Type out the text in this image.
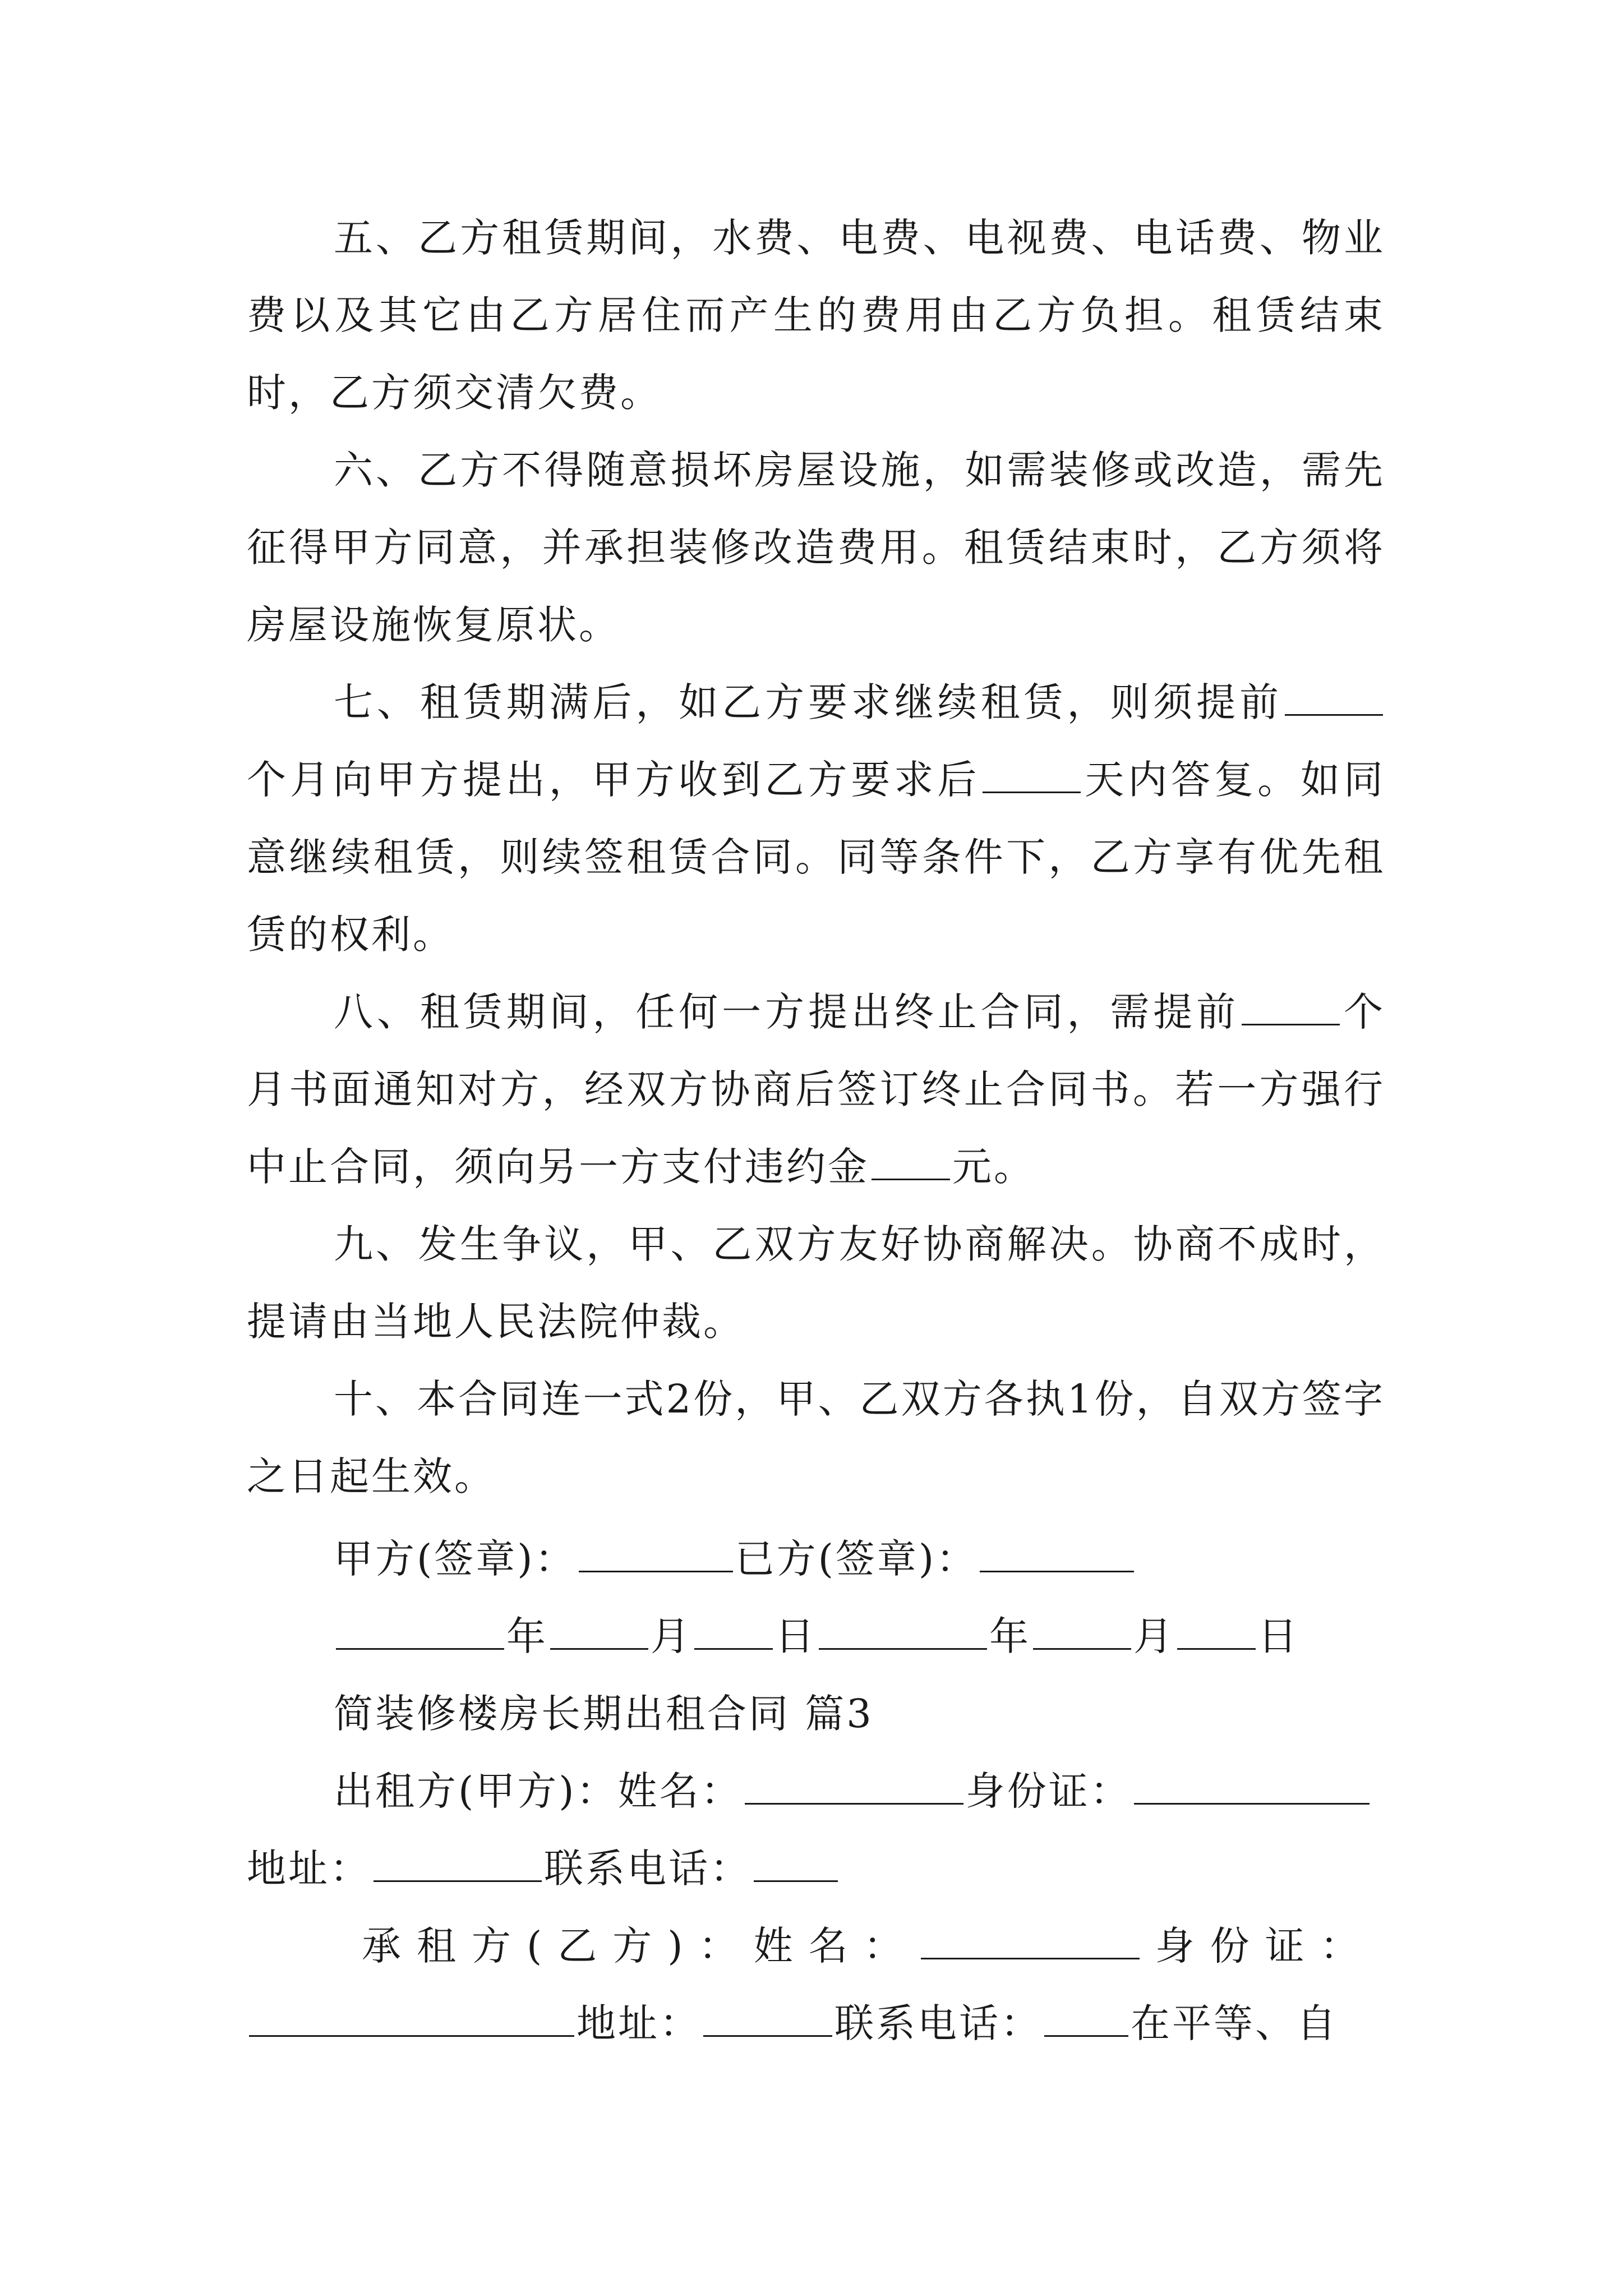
五、乙方租赁期间，水费、电费、电视费、电话费、物业费以及其它由乙方居住而产生的费用由乙方负担。租赁结束时，乙方须交清欠费。

六、乙方不得随意损坏房屋设施，如需装修或改造，需先征得甲方同意，并承担装修改造费用。租赁结束时，乙方须将房屋设施恢复原状。

七、租赁期满后，如乙方要求继续租赁，则须提前个月向甲方提出，甲方收到乙方要求后	天内答复。如同意继续租赁，则续签租赁合同。同等条件下，乙方享有优先租赁的权利。

八、租赁期间，任何一方提出终止合同，需提前	个月书面通知对方，经双方协商后签订终止合同书。若一方强行中止合同，须向另一方支付违约金 元。

九、发生争议，甲、乙双方友好协商解决。协商不成时，提请由当地人民法院仲裁。

十、本合同连一式2份，甲、乙双方各执1份，自双方签字之日起生效。

甲方(签章)：	已方(签章)：
年	月 日	年	月 日
简装修楼房长期出租合同 篇3
出租方(甲方)：姓名：	身份证：
地址：	联系电话：
承租方(乙方)：姓名：	身份证：
地址：	联系电话： 在平等、自
